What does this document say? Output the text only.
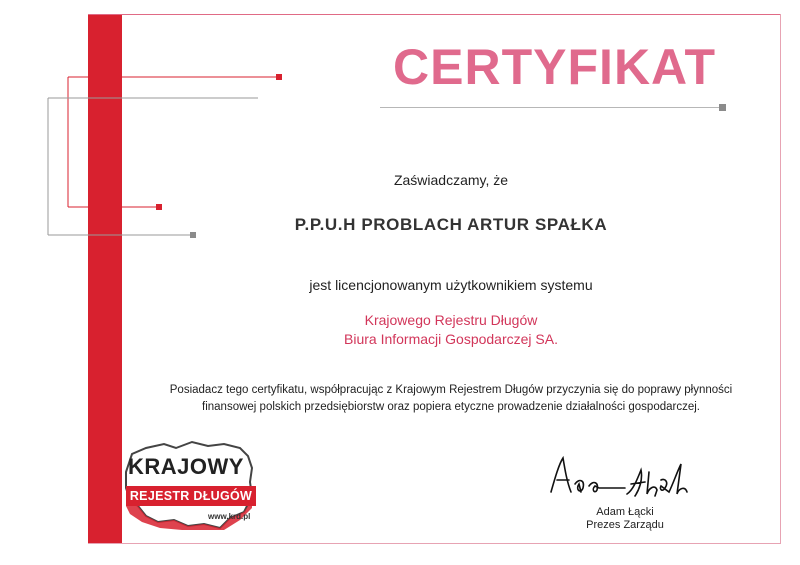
CERTYFIKAT
Zaświadczamy, że
P.P.U.H PROBLACH ARTUR SPAŁKA
jest licencjonowanym użytkownikiem systemu
Krajowego Rejestru Długów
Biura Informacji Gospodarczej SA.
Posiadacz tego certyfikatu, współpracując z Krajowym Rejestrem Długów przyczynia się do poprawy płynności
finansowej polskich przedsiębiorstw oraz popiera etyczne prowadzenie działalności gospodarczej.
KRAJOWY
REJESTR DŁUGÓW
www.krd.pl	Adam Łącki
Prezes Zarządu
